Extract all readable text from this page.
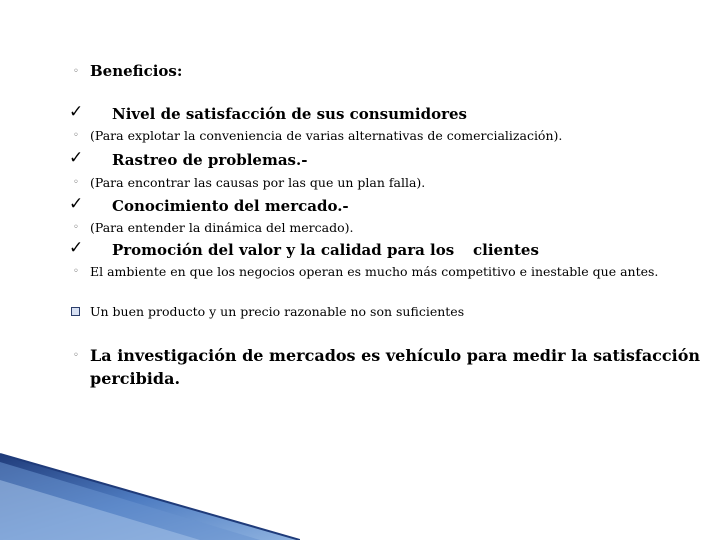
◦ Beneficios:
✓ Nivel de satisfacción de sus consumidores
◦ (Para explotar la conveniencia de varias alternativas de comercialización).
✓ Rastreo de problemas.-
◦ (Para encontrar las causas por las que un plan falla).
✓ Conocimiento del mercado.-
◦ (Para entender la dinámica del mercado).
✓ Promoción del valor y la calidad para los clientes
◦ El ambiente en que los negocios operan es mucho más competitivo e inestable que antes.
Un buen producto y un precio razonable no son suficientes
◦ La investigación de mercados es vehículo para medir la satisfacción
percibida.
